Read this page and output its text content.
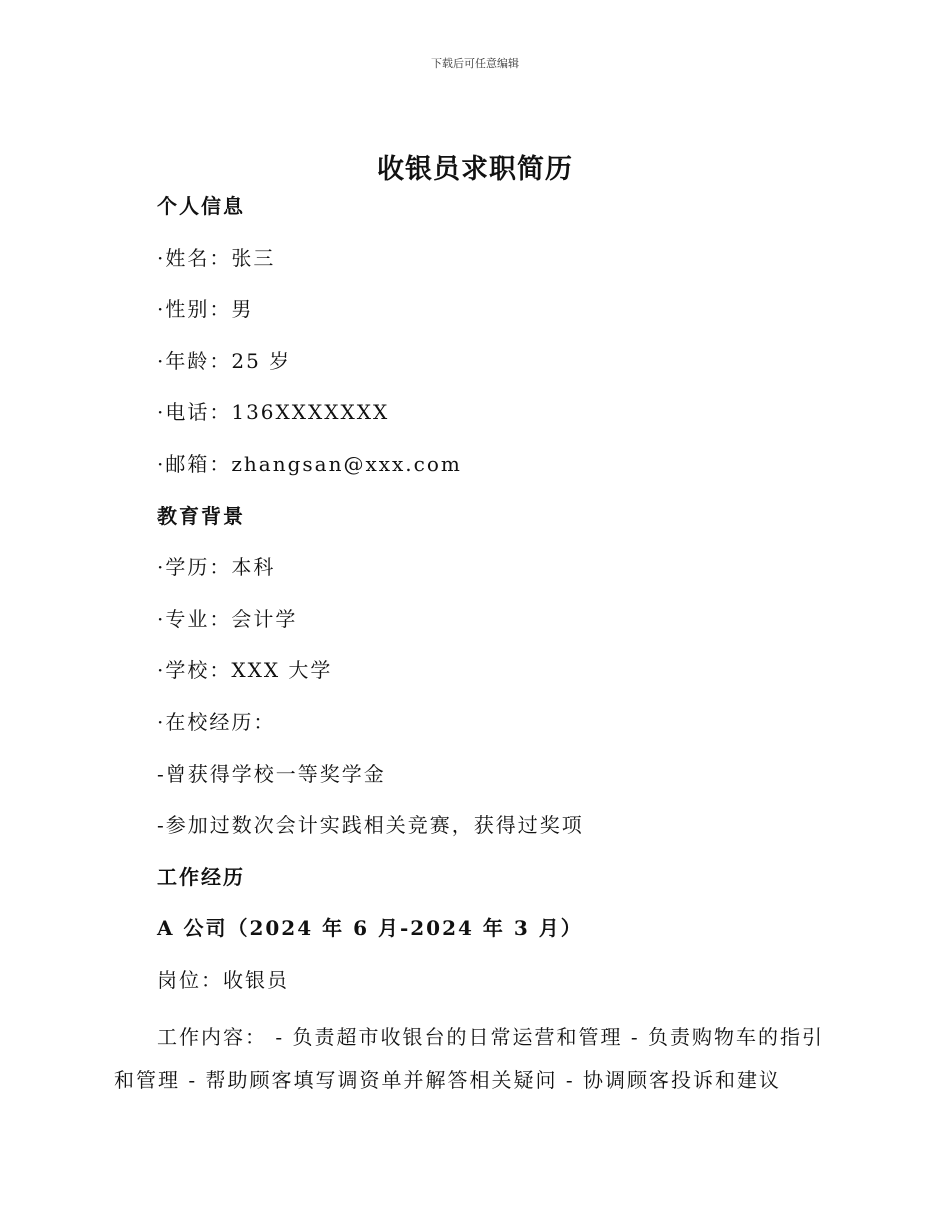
下载后可任意编辑
收银员求职简历
个人信息
·姓名：张三
·性别：男
·年龄：25 岁
·电话：136XXXXXXX
·邮箱：zhangsan@xxx.com
教育背景
·学历：本科
·专业：会计学
·学校：XXX 大学
·在校经历：
-曾获得学校一等奖学金
-参加过数次会计实践相关竞赛，获得过奖项
工作经历
A 公司（2024 年 6 月-2024 年 3 月）
岗位：收银员
工作内容： - 负责超市收银台的日常运营和管理 - 负责购物车的指引和管理 - 帮助顾客填写调资单并解答相关疑问 - 协调顾客投诉和建议
